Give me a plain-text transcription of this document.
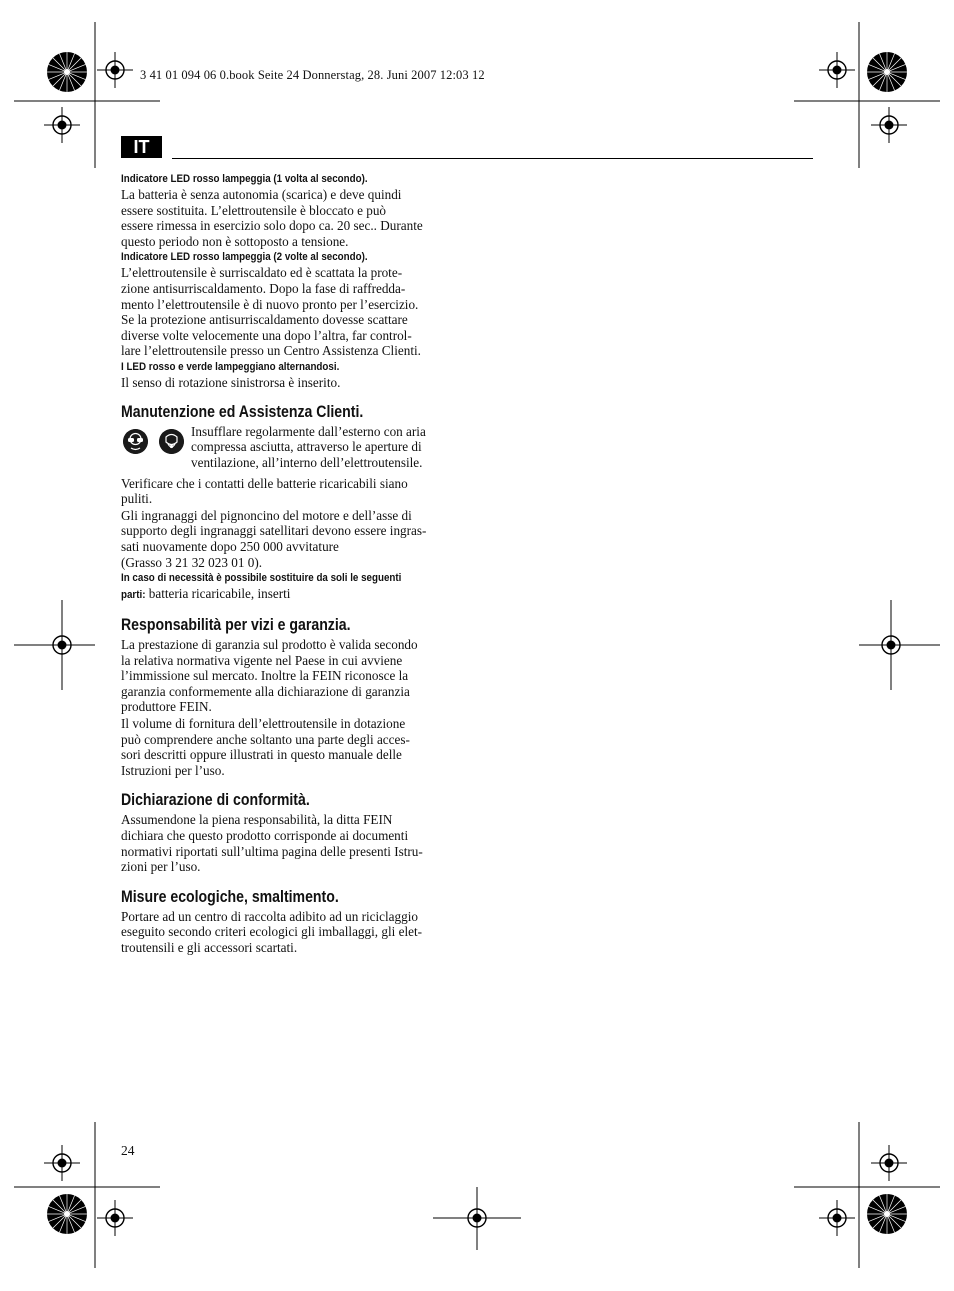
3 41 01 094 06 0.book Seite 24 Donnerstag, 28. Juni 2007 12:03 12
IT
Indicatore LED rosso lampeggia (1 volta al secondo).

La batteria è senza autonomia (scarica) e deve quindi
essere sostituita. L’elettroutensile è bloccato e può
essere rimessa in esercizio solo dopo ca. 20 sec.. Durante
questo periodo non è sottoposto a tensione.

Indicatore LED rosso lampeggia (2 volte al secondo).

L’elettroutensile è surriscaldato ed è scattata la prote-
zione antisurriscaldamento. Dopo la fase di raffredda-
mento l’elettroutensile è di nuovo pronto per l’esercizio.
Se la protezione antisurriscaldamento dovesse scattare
diverse volte velocemente una dopo l’altra, far control-
lare l’elettroutensile presso un Centro Assistenza Clienti.

I LED rosso e verde lampeggiano alternandosi.

Il senso di rotazione sinistrorsa è inserito.

Manutenzione ed Assistenza Clienti.

Insufflare regolarmente dall’esterno con aria
compressa asciutta, attraverso le aperture di
ventilazione, all’interno dell’elettroutensile.

Verificare che i contatti delle batterie ricaricabili siano
puliti.

Gli ingranaggi del pignoncino del motore e dell’asse di
supporto degli ingranaggi satellitari devono essere ingras-
sati nuovamente dopo 250 000 avvitature
(Grasso 3 21 32 023 01 0).

In caso di necessità è possibile sostituire da soli le seguenti

parti: batteria ricaricabile, inserti

Responsabilità per vizi e garanzia.

La prestazione di garanzia sul prodotto è valida secondo
la relativa normativa vigente nel Paese in cui avviene
l’immissione sul mercato. Inoltre la FEIN riconosce la
garanzia conformemente alla dichiarazione di garanzia
produttore FEIN.

Il volume di fornitura dell’elettroutensile in dotazione
può comprendere anche soltanto una parte degli acces-
sori descritti oppure illustrati in questo manuale delle
Istruzioni per l’uso.

Dichiarazione di conformità.

Assumendone la piena responsabilità, la ditta FEIN
dichiara che questo prodotto corrisponde ai documenti
normativi riportati sull’ultima pagina delle presenti Istru-
zioni per l’uso.

Misure ecologiche, smaltimento.

Portare ad un centro di raccolta adibito ad un riciclaggio
eseguito secondo criteri ecologici gli imballaggi, gli elet-
troutensili e gli accessori scartati.

24
